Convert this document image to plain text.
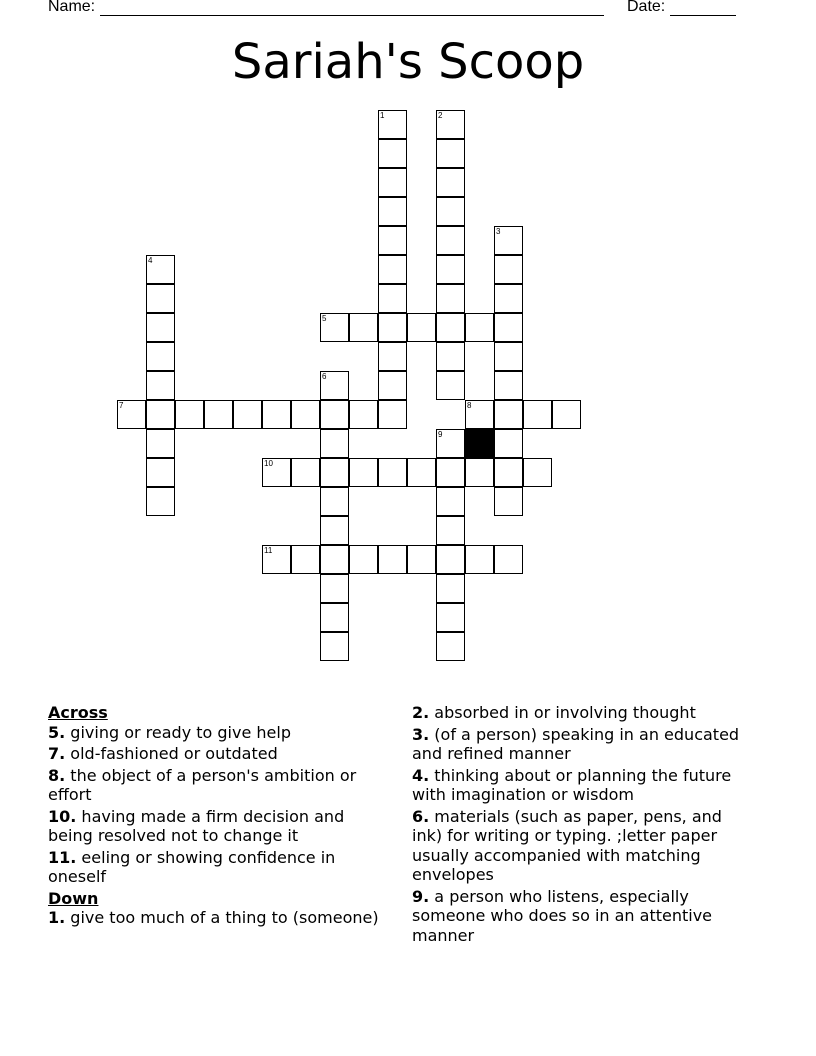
Name:	Date:
Sariah's Scoop
1	2
3
4
5
6
7	8
9
10
11
Across
5. giving or ready to give help
7. old-fashioned or outdated
8. the object of a person's ambition or effort
10. having made a firm decision and being resolved not to change it
11. eeling or showing confidence in oneself
Down
1. give too much of a thing to (someone)
2. absorbed in or involving thought
3. (of a person) speaking in an educated and refined manner
4. thinking about or planning the future with imagination or wisdom
6. materials (such as paper, pens, and ink) for writing or typing. ;letter paper usually accompanied with matching envelopes
9. a person who listens, especially someone who does so in an attentive manner
